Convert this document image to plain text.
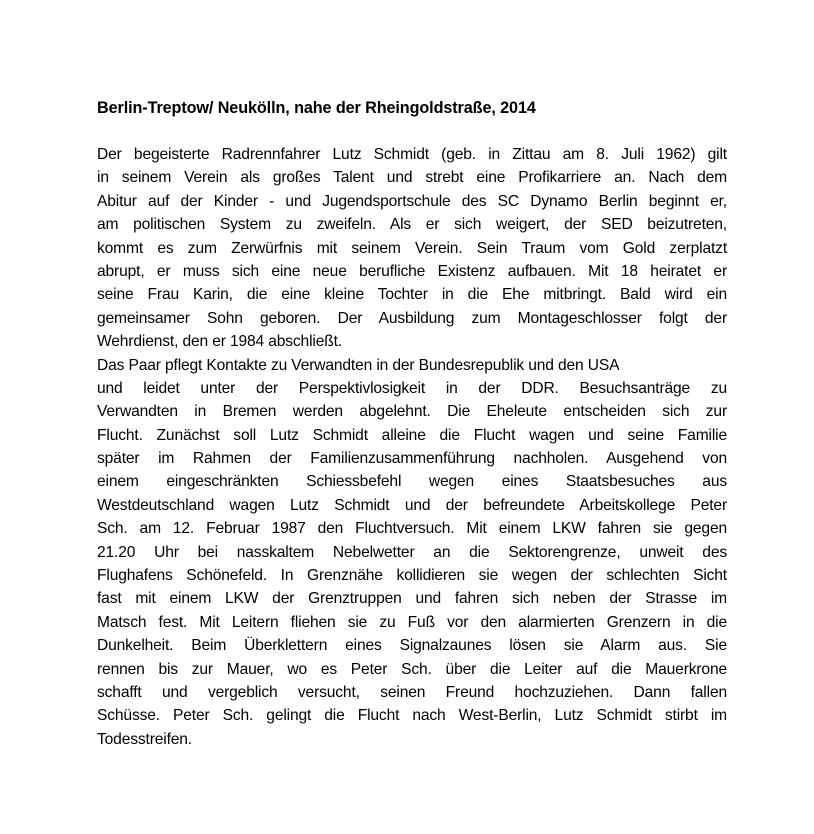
Berlin-Treptow/ Neukölln, nahe der Rheingoldstraße, 2014
Der begeisterte Radrennfahrer Lutz Schmidt (geb. in Zittau am 8. Juli 1962) gilt
in seinem Verein als großes Talent und strebt eine Profikarriere an. Nach dem
Abitur auf der Kinder - und Jugendsportschule des SC Dynamo Berlin beginnt er,
am politischen System zu zweifeln. Als er sich weigert, der SED beizutreten,
kommt es zum Zerwürfnis mit seinem Verein. Sein Traum vom Gold zerplatzt
abrupt, er muss sich eine neue berufliche Existenz aufbauen. Mit 18 heiratet er
seine Frau Karin, die eine kleine Tochter in die Ehe mitbringt. Bald wird ein
gemeinsamer Sohn geboren. Der Ausbildung zum Montageschlosser folgt der
Wehrdienst, den er 1984 abschließt.
Das Paar pflegt Kontakte zu Verwandten in der Bundesrepublik und den USA
und leidet unter der Perspektivlosigkeit in der DDR. Besuchsanträge zu
Verwandten in Bremen werden abgelehnt. Die Eheleute entscheiden sich zur
Flucht. Zunächst soll Lutz Schmidt alleine die Flucht wagen und seine Familie
später im Rahmen der Familienzusammenführung nachholen. Ausgehend von
einem eingeschränkten Schiessbefehl wegen eines Staatsbesuches aus
Westdeutschland wagen Lutz Schmidt und der befreundete Arbeitskollege Peter
Sch. am 12. Februar 1987 den Fluchtversuch. Mit einem LKW fahren sie gegen
21.20 Uhr bei nasskaltem Nebelwetter an die Sektorengrenze, unweit des
Flughafens Schönefeld. In Grenznähe kollidieren sie wegen der schlechten Sicht
fast mit einem LKW der Grenztruppen und fahren sich neben der Strasse im
Matsch fest. Mit Leitern fliehen sie zu Fuß vor den alarmierten Grenzern in die
Dunkelheit. Beim Überklettern eines Signalzaunes lösen sie Alarm aus. Sie
rennen bis zur Mauer, wo es Peter Sch. über die Leiter auf die Mauerkrone
schafft und vergeblich versucht, seinen Freund hochzuziehen. Dann fallen
Schüsse. Peter Sch. gelingt die Flucht nach West-Berlin, Lutz Schmidt stirbt im
Todesstreifen.
